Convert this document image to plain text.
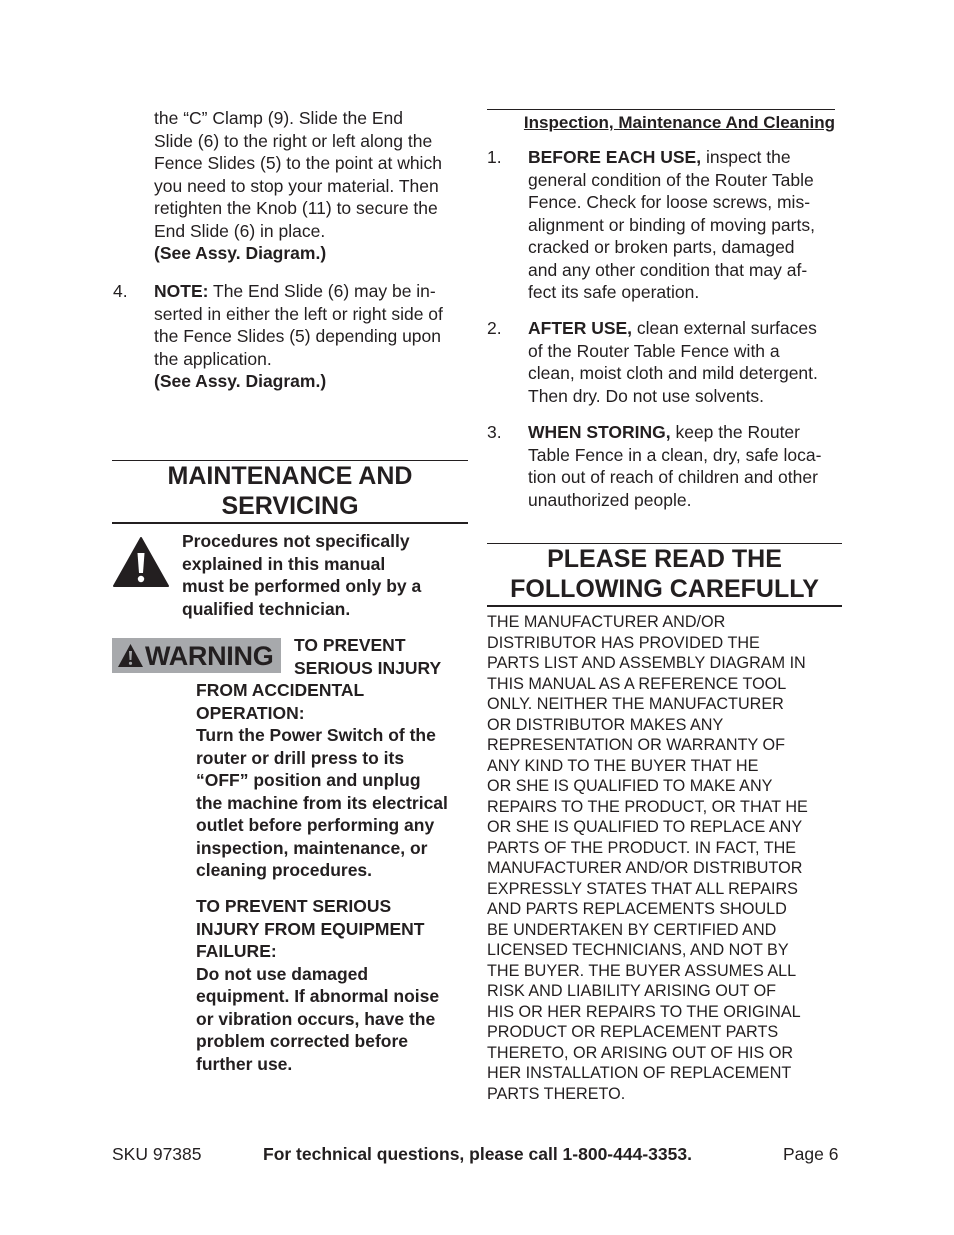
the “C” Clamp (9). Slide the End

Slide (6) to the right or left along the

Fence Slides (5) to the point at which

you need to stop your material. Then

retighten the Knob (11) to secure the

End Slide (6) in place.

(See Assy. Diagram.)

4. NOTE: The End Slide (6) may be in-

serted in either the left or right side of

the Fence Slides (5) depending upon

the application.

(See Assy. Diagram.)

MAINTENANCE AND
SERVICING

Procedures not specifically

explained in this manual

must be performed only by a

qualified technician.

WARNING TO PREVENT

SERIOUS INJURY

FROM ACCIDENTAL

OPERATION:

Turn the Power Switch of the

router or drill press to its

“OFF” position and unplug

the machine from its electrical

outlet before performing any

inspection, maintenance, or

cleaning procedures.

TO PREVENT SERIOUS

INJURY FROM EQUIPMENT

FAILURE:

Do not use damaged

equipment. If abnormal noise

or vibration occurs, have the

problem corrected before

further use.

Inspection, Maintenance And Cleaning
1. BEFORE EACH USE, inspect the

general condition of the Router Table

Fence. Check for loose screws, mis-

alignment or binding of moving parts,

cracked or broken parts, damaged

and any other condition that may af-

fect its safe operation.

2. AFTER USE, clean external surfaces

of the Router Table Fence with a

clean, moist cloth and mild detergent.

Then dry. Do not use solvents.

3. WHEN STORING, keep the Router

Table Fence in a clean, dry, safe loca-

tion out of reach of children and other

unauthorized people.

PLEASE READ THE
FOLLOWING CAREFULLY

THE MANUFACTURER AND/OR

DISTRIBUTOR HAS PROVIDED THE

PARTS LIST AND ASSEMBLY DIAGRAM IN

THIS MANUAL AS A REFERENCE TOOL

ONLY. NEITHER THE MANUFACTURER

OR DISTRIBUTOR MAKES ANY

REPRESENTATION OR WARRANTY OF

ANY KIND TO THE BUYER THAT HE

OR SHE IS QUALIFIED TO MAKE ANY

REPAIRS TO THE PRODUCT, OR THAT HE

OR SHE IS QUALIFIED TO REPLACE ANY

PARTS OF THE PRODUCT. IN FACT, THE

MANUFACTURER AND/OR DISTRIBUTOR

EXPRESSLY STATES THAT ALL REPAIRS

AND PARTS REPLACEMENTS SHOULD

BE UNDERTAKEN BY CERTIFIED AND

LICENSED TECHNICIANS, AND NOT BY

THE BUYER. THE BUYER ASSUMES ALL

RISK AND LIABILITY ARISING OUT OF

HIS OR HER REPAIRS TO THE ORIGINAL

PRODUCT OR REPLACEMENT PARTS

THERETO, OR ARISING OUT OF HIS OR

HER INSTALLATION OF REPLACEMENT

PARTS THERETO.

SKU 97385	For technical questions, please call 1-800-444-3353.	Page 6
